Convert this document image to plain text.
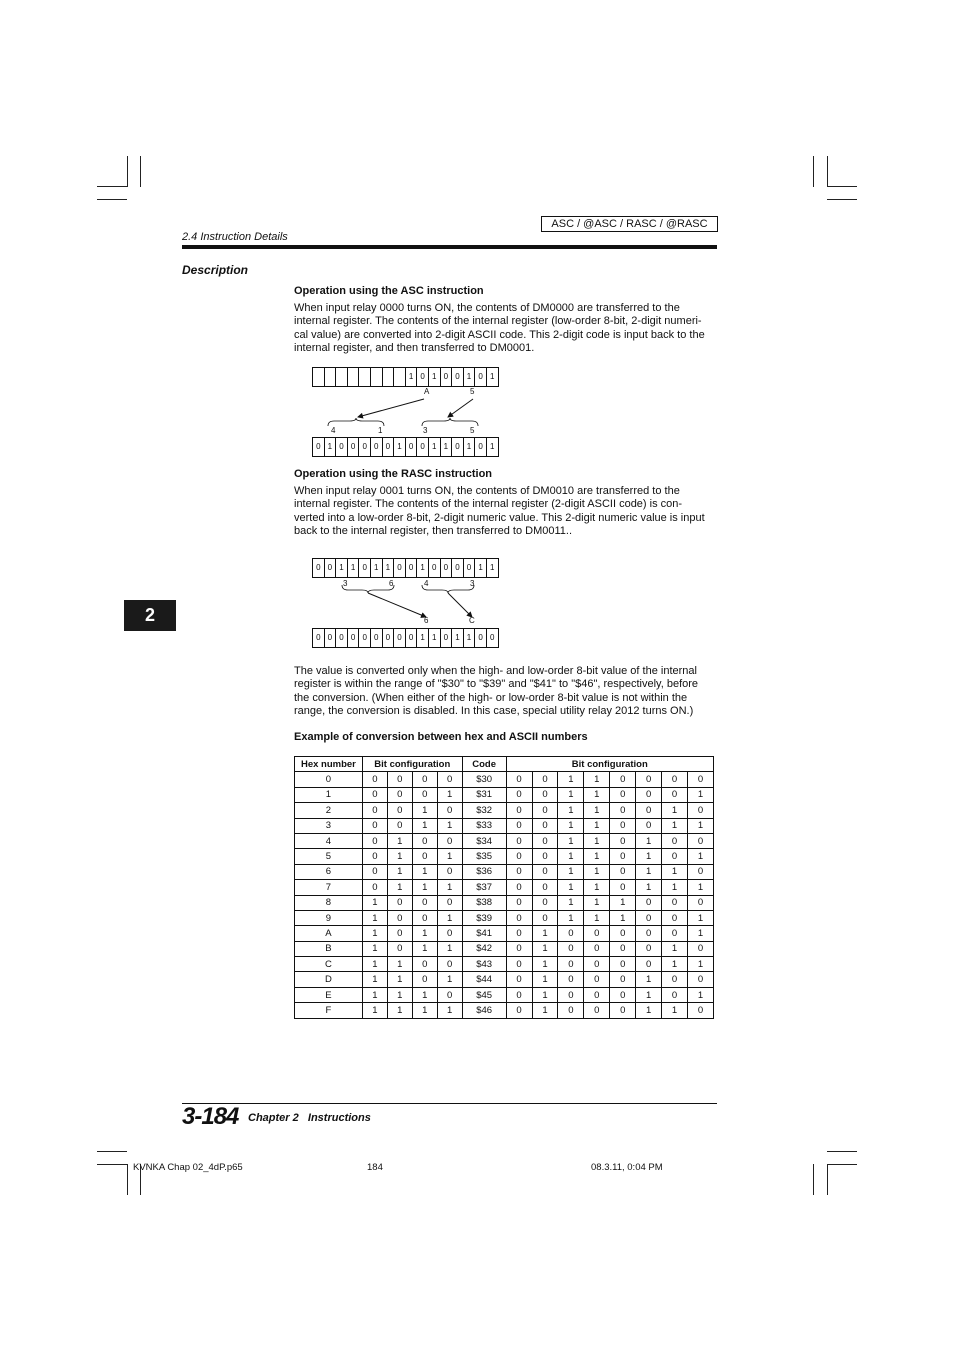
ASC / @ASC / RASC / @RASC
2.4 Instruction Details
Description
Operation using the ASC instruction
When input relay 0000 turns ON, the contents of DM0000 are transferred to the
internal register. The contents of the internal register (low-order 8-bit, 2-digit numeri-
cal value) are converted into 2-digit ASCII code. This 2-digit code is input back to the
internal register, and then transferred to DM0001.
1 0 1 0 0 1 0 1
A	5
4	1	3	5
0 1 0 0 0 0 0 1 0 0 1 1 0 1 0 1
Operation using the RASC instruction
When input relay 0001 turns ON, the contents of DM0010 are transferred to the
internal register. The contents of the internal register (2-digit ASCII code) is con-
verted into a low-order 8-bit, 2-digit numeric value. This 2-digit numeric value is input
back to the internal register, then transferred to DM0011..
0 0 1 1 0 1 1 0 0 1 0 0 0 0 1 1
3	6	4	3
6	C
0 0 0 0 0 0 0 0 0 1 1 0 1 1 0 0
2
The value is converted only when the high- and low-order 8-bit value of the internal
register is within the range of "$30" to "$39" and "$41" to "$46", respectively, before
the conversion. (When either of the high- or low-order 8-bit value is not within the
range, the conversion is disabled. In this case, special utility relay 2012 turns ON.)
Example of conversion between hex and ASCII numbers
Hex number	Bit configuration				Code	Bit configuration							
0	0	0	0	0	$30	0	0	1	1	0	0	0	0
1	0	0	0	1	$31	0	0	1	1	0	0	0	1
2	0	0	1	0	$32	0	0	1	1	0	0	1	0
3	0	0	1	1	$33	0	0	1	1	0	0	1	1
4	0	1	0	0	$34	0	0	1	1	0	1	0	0
5	0	1	0	1	$35	0	0	1	1	0	1	0	1
6	0	1	1	0	$36	0	0	1	1	0	1	1	0
7	0	1	1	1	$37	0	0	1	1	0	1	1	1
8	1	0	0	0	$38	0	0	1	1	1	0	0	0
9	1	0	0	1	$39	0	0	1	1	1	0	0	1
A	1	0	1	0	$41	0	1	0	0	0	0	0	1
B	1	0	1	1	$42	0	1	0	0	0	0	1	0
C	1	1	0	0	$43	0	1	0	0	0	0	1	1
D	1	1	0	1	$44	0	1	0	0	0	1	0	0
E	1	1	1	0	$45	0	1	0	0	0	1	0	1
F	1	1	1	1	$46	0	1	0	0	0	1	1	0
3-184 Chapter 2   Instructions
KVNKA Chap 02_4dP.p65	184	08.3.11, 0:04 PM
